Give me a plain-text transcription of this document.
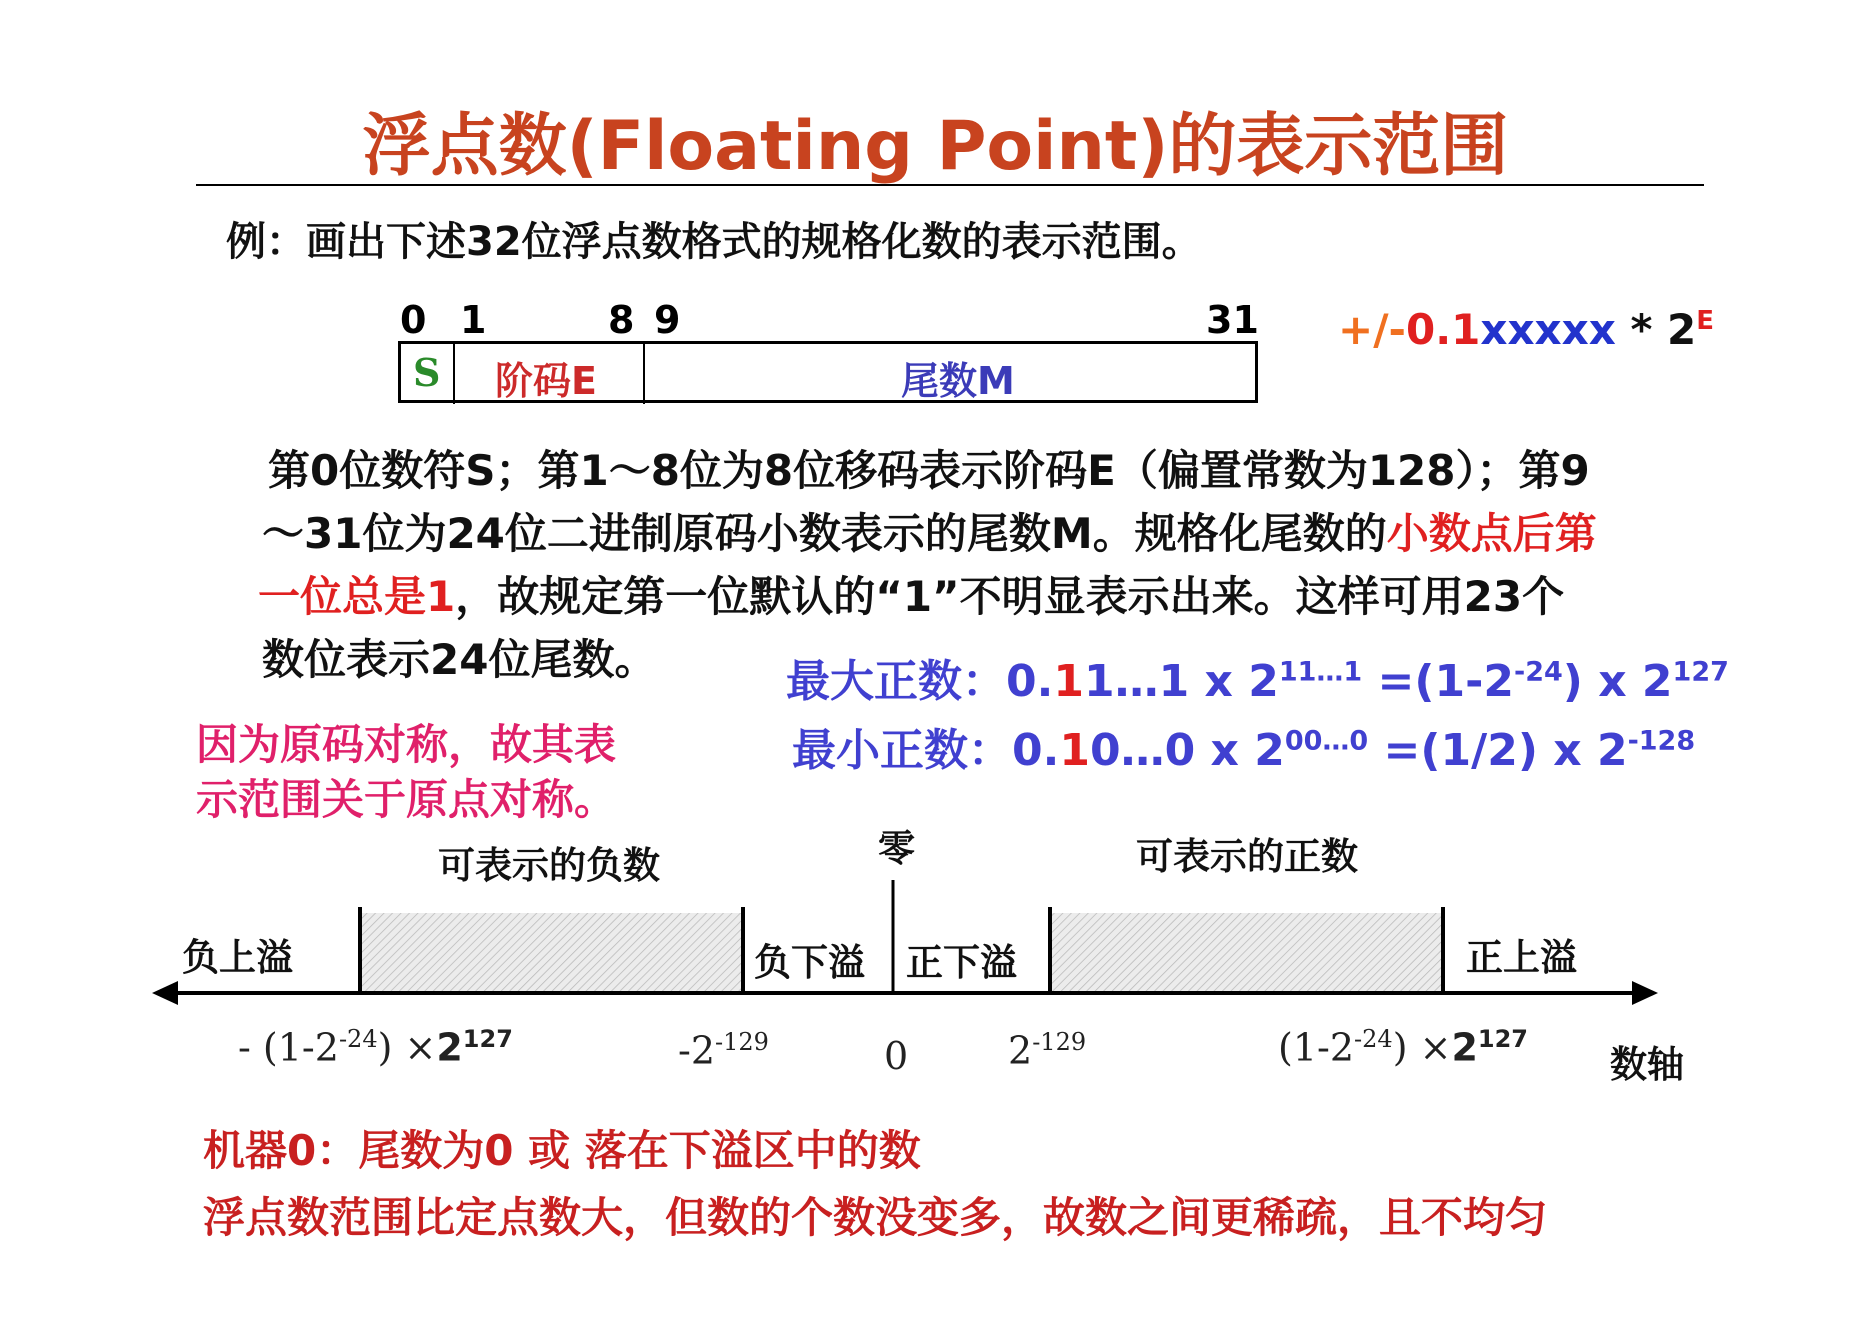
浮点数(Floating Point)的表示范围
例：画出下述32位浮点数格式的规格化数的表示范围。
0 1	8 9	31
S 阶码E	尾数M
+/-0.1xxxxx * $2^E$
第0位数符S；第1～8位为8位移码表示阶码E（偏置常数为128）；第9
～31位为24位二进制原码小数表示的尾数M。规格化尾数的小数点后第
一位总是1，故规定第一位默认的“1”不明显表示出来。这样可用23个
数位表示24位尾数。	最大正数：0.11…1 x $2^{11\dots 1} =(1-2^{-24})$ x $2^{127}$
最小正数：0.10…0 x $2^{00\dots 0} =(1/2)$ x $2^{-128}$
因为原码对称，故其表
示范围关于原点对称。
可表示的负数	零	可表示的正数
负上溢	负下溢 正下溢	正上溢
- $(1-2^{-24}) \times 2^{127}$	$-2^{-129}$	0	$2^{-129}$	$(1-2^{-24}) \times 2^{127}$
数轴
机器0：尾数为0 或 落在下溢区中的数
浮点数范围比定点数大，但数的个数没变多，故数之间更稀疏，且不均匀
